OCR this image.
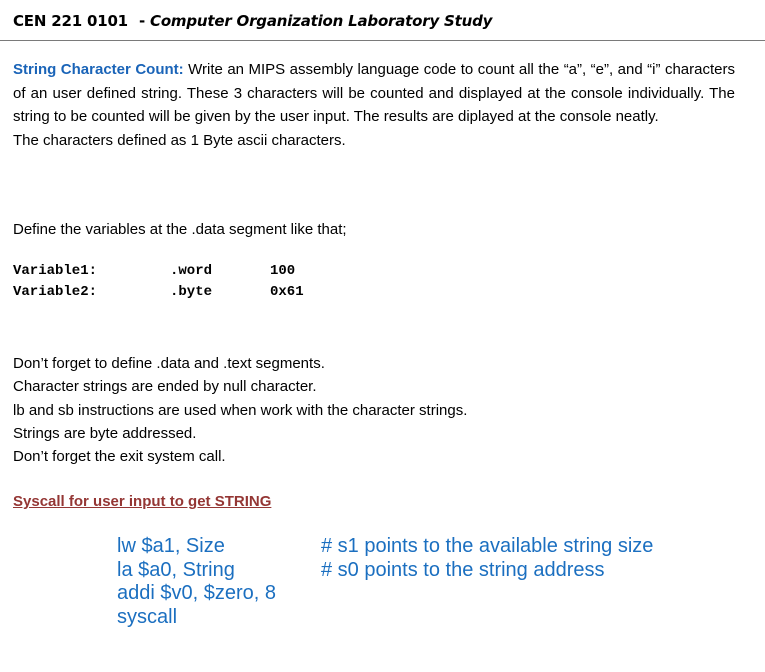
CEN 221 0101 - Computer Organization Laboratory Study
String Character Count: Write an MIPS assembly language code to count all the “a”, “e”, and “i” characters of an user defined string. These 3 characters will be counted and displayed at the console individually. The string to be counted will be given by the user input. The results are diplayed at the console neatly.
The characters defined as 1 Byte ascii characters.
Define the variables at the .data segment like that;
Variable1:	.word	100
Variable2:	.byte	0x61
Don’t forget to define .data and .text segments.
Character strings are ended by null character.
lb and sb instructions are used when work with the character strings.
Strings are byte addressed.
Don’t forget the exit system call.
Syscall for user input to get STRING
lw $a1, Size	# s1 points to the available string size
la $a0, String	# s0 points to the string address
addi $v0, $zero, 8
syscall
